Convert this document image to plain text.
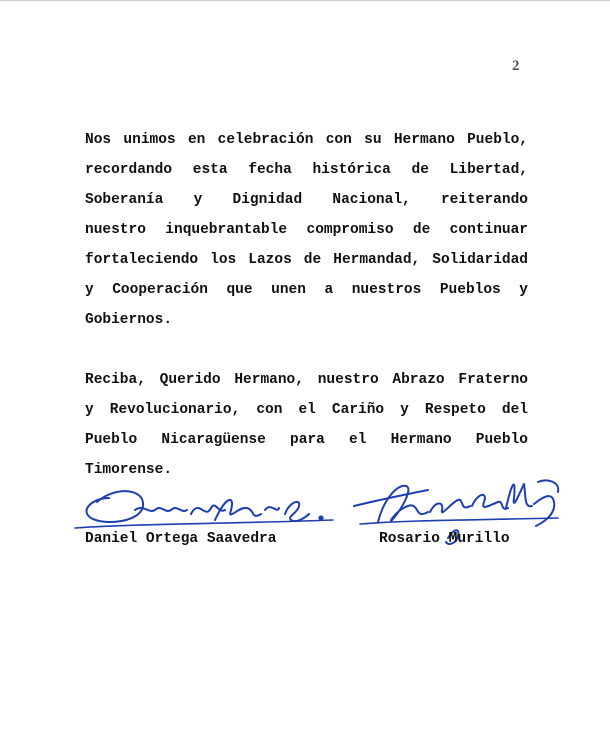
2
Nos unimos en celebración con su Hermano Pueblo,
recordando esta fecha histórica de Libertad,
Soberanía y Dignidad Nacional, reiterando
nuestro inquebrantable compromiso de continuar
fortaleciendo los Lazos de Hermandad, Solidaridad
y Cooperación que unen a nuestros Pueblos y
Gobiernos.
Reciba, Querido Hermano, nuestro Abrazo Fraterno
y Revolucionario, con el Cariño y Respeto del
Pueblo Nicaragüense para el Hermano Pueblo
Timorense.
Daniel Ortega Saavedra	Rosario Murillo
